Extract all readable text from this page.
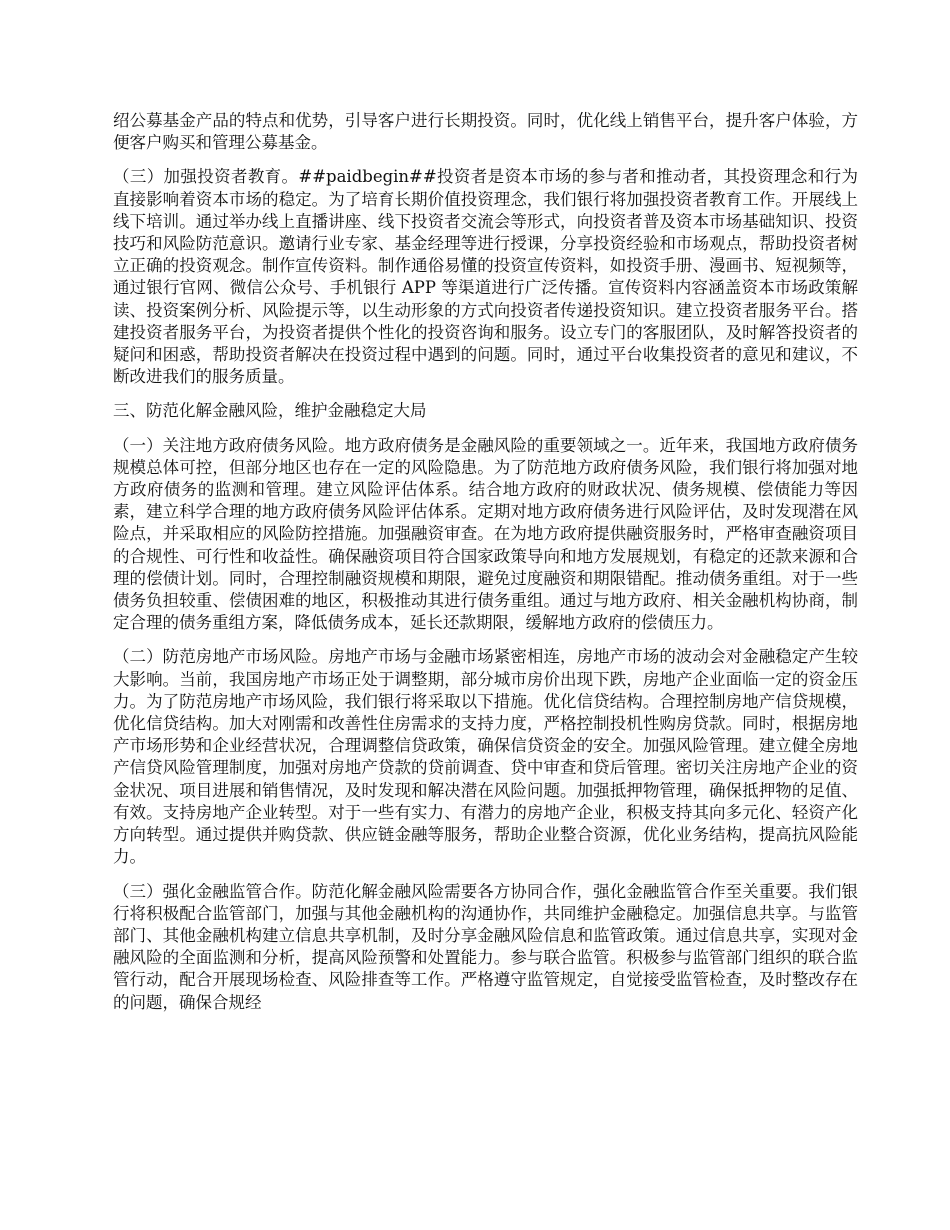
绍公募基金产品的特点和优势，引导客户进行长期投资。同时，优化线上销售平台，提升客户体验，方便客户购买和管理公募基金。

（三）加强投资者教育。##paidbegin##投资者是资本市场的参与者和推动者，其投资理念和行为直接影响着资本市场的稳定。为了培育长期价值投资理念，我们银行将加强投资者教育工作。开展线上线下培训。通过举办线上直播讲座、线下投资者交流会等形式，向投资者普及资本市场基础知识、投资技巧和风险防范意识。邀请行业专家、基金经理等进行授课，分享投资经验和市场观点，帮助投资者树立正确的投资观念。制作宣传资料。制作通俗易懂的投资宣传资料，如投资手册、漫画书、短视频等，通过银行官网、微信公众号、手机银行 APP 等渠道进行广泛传播。宣传资料内容涵盖资本市场政策解读、投资案例分析、风险提示等，以生动形象的方式向投资者传递投资知识。建立投资者服务平台。搭建投资者服务平台，为投资者提供个性化的投资咨询和服务。设立专门的客服团队，及时解答投资者的疑问和困惑，帮助投资者解决在投资过程中遇到的问题。同时，通过平台收集投资者的意见和建议，不断改进我们的服务质量。

三、防范化解金融风险，维护金融稳定大局

（一）关注地方政府债务风险。地方政府债务是金融风险的重要领域之一。近年来，我国地方政府债务规模总体可控，但部分地区也存在一定的风险隐患。为了防范地方政府债务风险，我们银行将加强对地方政府债务的监测和管理。建立风险评估体系。结合地方政府的财政状况、债务规模、偿债能力等因素，建立科学合理的地方政府债务风险评估体系。定期对地方政府债务进行风险评估，及时发现潜在风险点，并采取相应的风险防控措施。加强融资审查。在为地方政府提供融资服务时，严格审查融资项目的合规性、可行性和收益性。确保融资项目符合国家政策导向和地方发展规划，有稳定的还款来源和合理的偿债计划。同时，合理控制融资规模和期限，避免过度融资和期限错配。推动债务重组。对于一些债务负担较重、偿债困难的地区，积极推动其进行债务重组。通过与地方政府、相关金融机构协商，制定合理的债务重组方案，降低债务成本，延长还款期限，缓解地方政府的偿债压力。

（二）防范房地产市场风险。房地产市场与金融市场紧密相连，房地产市场的波动会对金融稳定产生较大影响。当前，我国房地产市场正处于调整期，部分城市房价出现下跌，房地产企业面临一定的资金压力。为了防范房地产市场风险，我们银行将采取以下措施。优化信贷结构。合理控制房地产信贷规模，优化信贷结构。加大对刚需和改善性住房需求的支持力度，严格控制投机性购房贷款。同时，根据房地产市场形势和企业经营状况，合理调整信贷政策，确保信贷资金的安全。加强风险管理。建立健全房地产信贷风险管理制度，加强对房地产贷款的贷前调查、贷中审查和贷后管理。密切关注房地产企业的资金状况、项目进展和销售情况，及时发现和解决潜在风险问题。加强抵押物管理，确保抵押物的足值、有效。支持房地产企业转型。对于一些有实力、有潜力的房地产企业，积极支持其向多元化、轻资产化方向转型。通过提供并购贷款、供应链金融等服务，帮助企业整合资源，优化业务结构，提高抗风险能力。

（三）强化金融监管合作。防范化解金融风险需要各方协同合作，强化金融监管合作至关重要。我们银行将积极配合监管部门，加强与其他金融机构的沟通协作，共同维护金融稳定。加强信息共享。与监管部门、其他金融机构建立信息共享机制，及时分享金融风险信息和监管政策。通过信息共享，实现对金融风险的全面监测和分析，提高风险预警和处置能力。参与联合监管。积极参与监管部门组织的联合监管行动，配合开展现场检查、风险排查等工作。严格遵守监管规定，自觉接受监管检查，及时整改存在的问题，确保合规经
